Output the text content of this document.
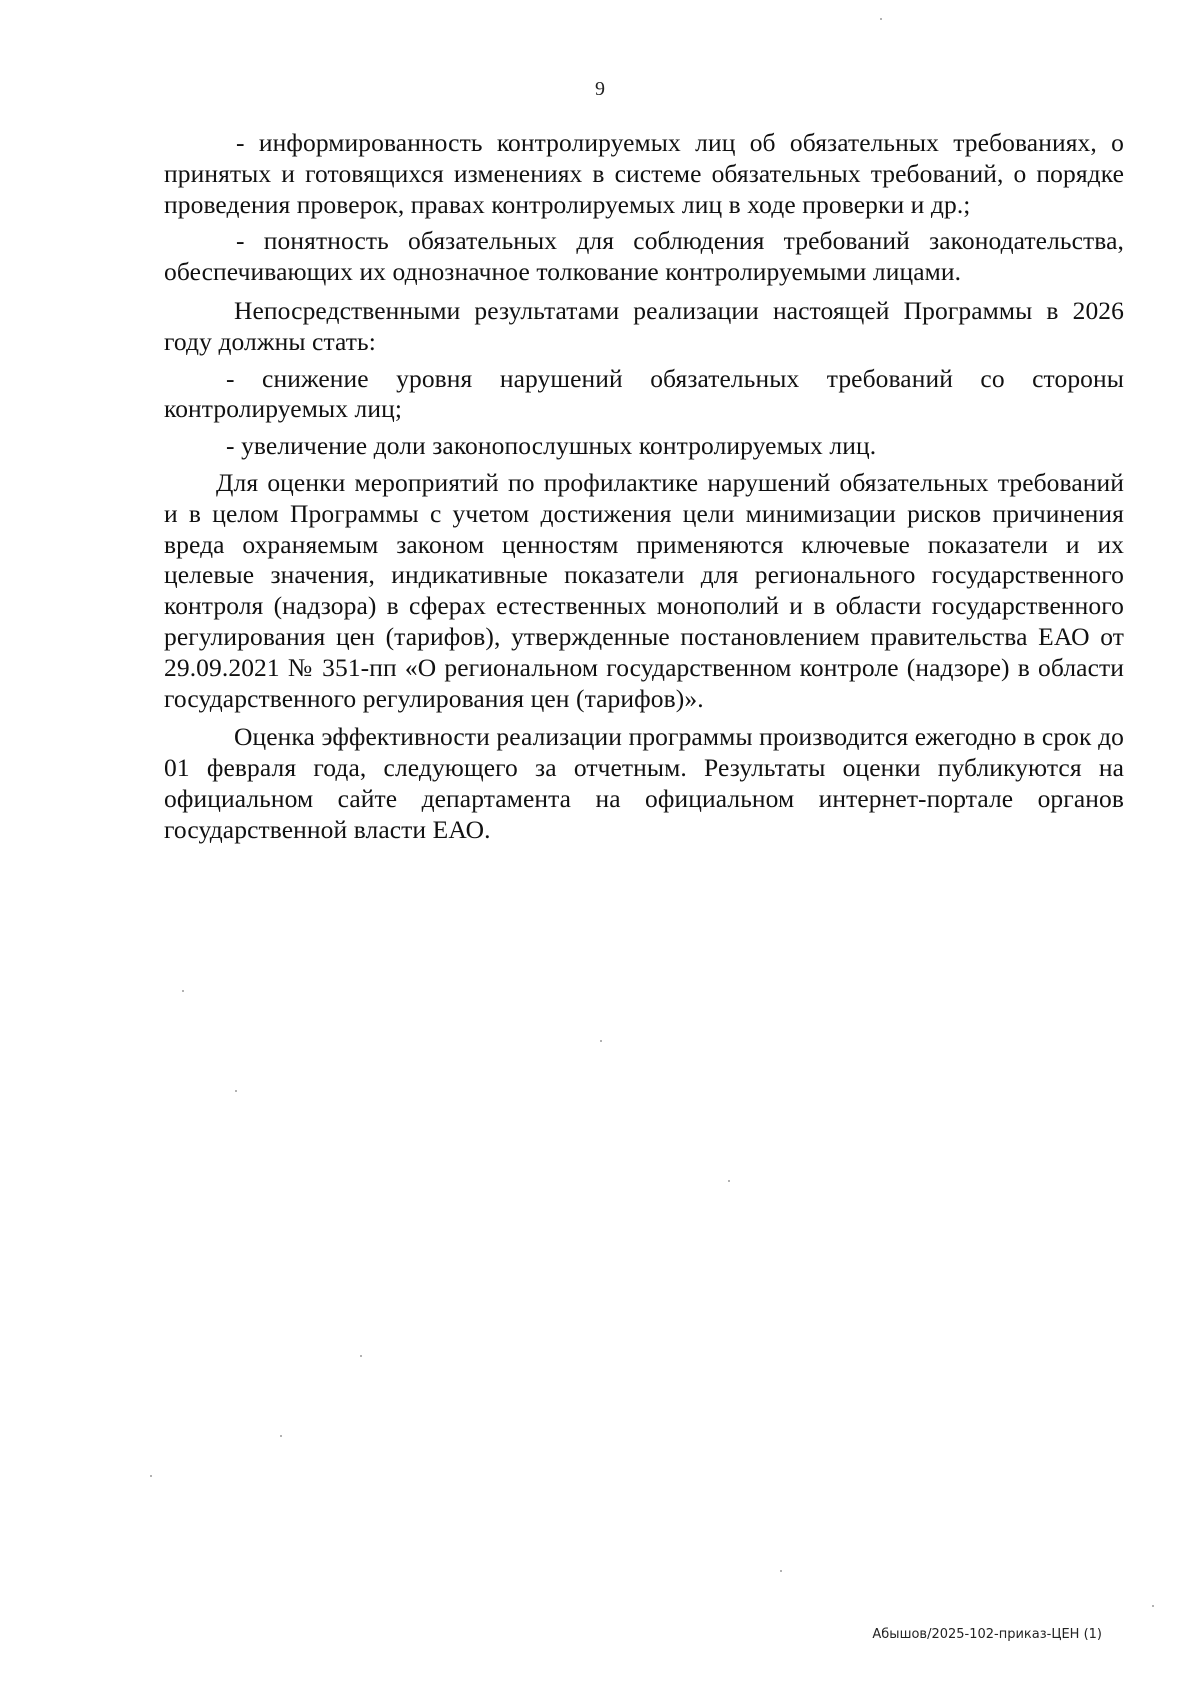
9

- информированность контролируемых лиц об обязательных требованиях, о принятых и готовящихся изменениях в системе обязательных требований, о порядке проведения проверок, правах контролируемых лиц в ходе проверки и др.;

- понятность обязательных для соблюдения требований законодательства, обеспечивающих их однозначное толкование контролируемыми лицами.

Непосредственными результатами реализации настоящей Программы в 2026 году должны стать:

- снижение уровня нарушений обязательных требований со стороны контролируемых лиц;

- увеличение доли законопослушных контролируемых лиц.

Для оценки мероприятий по профилактике нарушений обязательных требований и в целом Программы с учетом достижения цели минимизации рисков причинения вреда охраняемым законом ценностям применяются ключевые показатели и их целевые значения, индикативные показатели для регионального государственного контроля (надзора) в сферах естественных монополий и в области государственного регулирования цен (тарифов), утвержденные постановлением правительства ЕАО от 29.09.2021 № 351-пп «О региональном государственном контроле (надзоре) в области государственного регулирования цен (тарифов)».

Оценка эффективности реализации программы производится ежегодно в срок до 01 февраля года, следующего за отчетным. Результаты оценки публикуются на официальном сайте департамента на официальном интернет-портале органов государственной власти ЕАО.

Абышов/2025-102-приказ-ЦЕН (1)
